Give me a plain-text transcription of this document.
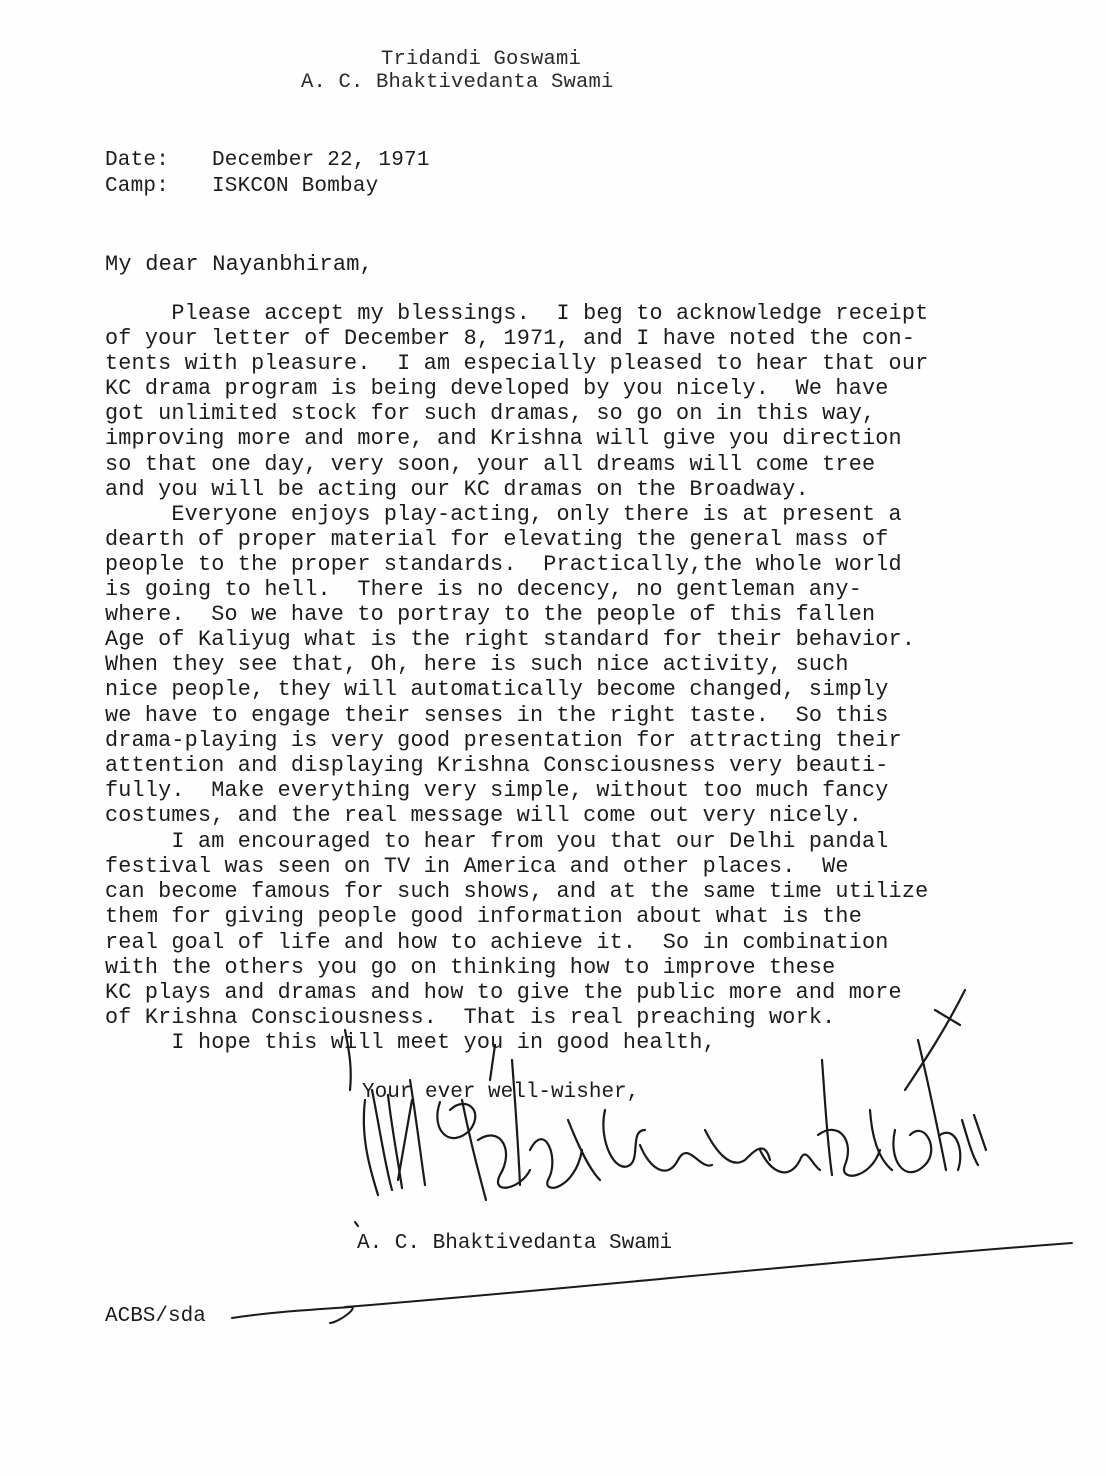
Tridandi Goswami
A. C. Bhaktivedanta Swami
Date: December 22, 1971
Camp: ISKCON Bombay
My dear Nayanbhiram,
Please accept my blessings.  I beg to acknowledge receipt
of your letter of December 8, 1971, and I have noted the con-
tents with pleasure.  I am especially pleased to hear that our
KC drama program is being developed by you nicely.  We have
got unlimited stock for such dramas, so go on in this way,
improving more and more, and Krishna will give you direction
so that one day, very soon, your all dreams will come tree
and you will be acting our KC dramas on the Broadway.
Everyone enjoys play-acting, only there is at present a
dearth of proper material for elevating the general mass of
people to the proper standards.  Practically,the whole world
is going to hell.  There is no decency, no gentleman any-
where.  So we have to portray to the people of this fallen
Age of Kaliyug what is the right standard for their behavior.
When they see that, Oh, here is such nice activity, such
nice people, they will automatically become changed, simply
we have to engage their senses in the right taste.  So this
drama-playing is very good presentation for attracting their
attention and displaying Krishna Consciousness very beauti-
fully.  Make everything very simple, without too much fancy
costumes, and the real message will come out very nicely.
I am encouraged to hear from you that our Delhi pandal
festival was seen on TV in America and other places.  We
can become famous for such shows, and at the same time utilize
them for giving people good information about what is the
real goal of life and how to achieve it.  So in combination
with the others you go on thinking how to improve these
KC plays and dramas and how to give the public more and more
of Krishna Consciousness.  That is real preaching work.
I hope this will meet you in good health,
Your ever well-wisher,
A. C. Bhaktivedanta Swami
ACBS/sda
